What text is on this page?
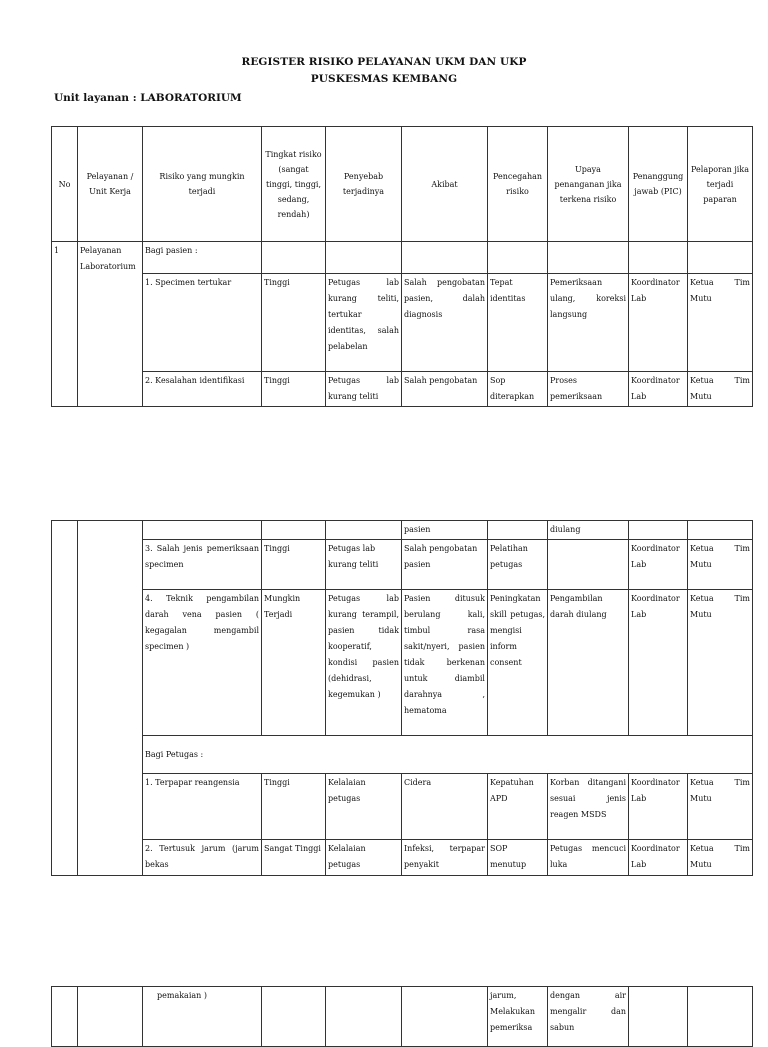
REGISTER RISIKO PELAYANAN UKM DAN UKP
PUSKESMAS KEMBANG
Unit layanan : LABORATORIUM
No	Pelayanan / Unit Kerja	Risiko yang mungkin terjadi	Tingkat risiko (sangat tinggi, tinggi, sedang, rendah)	Penyebab terjadinya	Akibat	Pencegahan risiko	Upaya penanganan jika terkena risiko	Penanggung jawab (PIC)	Pelaporan jika terjadi paparan
1	Pelayanan Laboratorium	Bagi pasien :							
		1. Specimen tertukar	Tinggi	Petugas lab kurang teliti, tertukar identitas, salah pelabelan	Salah pengobatan pasien, dalah diagnosis	Tepat identitas	Pemeriksaan ulang, koreksi langsung	Koordinator Lab	Ketua Tim Mutu
		2. Kesalahan identifikasi	Tinggi	Petugas lab kurang teliti	Salah pengobatan	Sop diterapkan	Proses pemeriksaan	Koordinator Lab	Ketua Tim Mutu
					pasien		diulang		
		3. Salah jenis pemeriksaan specimen	Tinggi	Petugas lab kurang teliti	Salah pengobatan pasien	Pelatihan petugas		Koordinator Lab	Ketua Tim Mutu
		4. Teknik pengambilan darah vena pasien ( kegagalan mengambil specimen )	Mungkin Terjadi	Petugas lab kurang terampil, pasien tidak kooperatif, kondisi pasien (dehidrasi, kegemukan )	Pasien ditusuk berulang kali, timbul rasa sakit/nyeri, pasien tidak berkenan untuk diambil darahnya , hematoma	Peningkatan skill petugas, mengisi inform consent	Pengambilan darah diulang	Koordinator Lab	Ketua Tim Mutu
		Bagi Petugas :							
		1. Terpapar reangensia	Tinggi	Kelalaian petugas	Cidera	Kepatuhan APD	Korban ditangani sesuai jenis reagen MSDS	Koordinator Lab	Ketua Tim Mutu
		2. Tertusuk jarum (jarum bekas	Sangat Tinggi	Kelalaian petugas	Infeksi, terpapar penyakit	SOP menutup	Petugas mencuci luka	Koordinator Lab	Ketua Tim Mutu
		pemakaian )				jarum, Melakukan pemeriksa	dengan air mengalir dan sabun		
